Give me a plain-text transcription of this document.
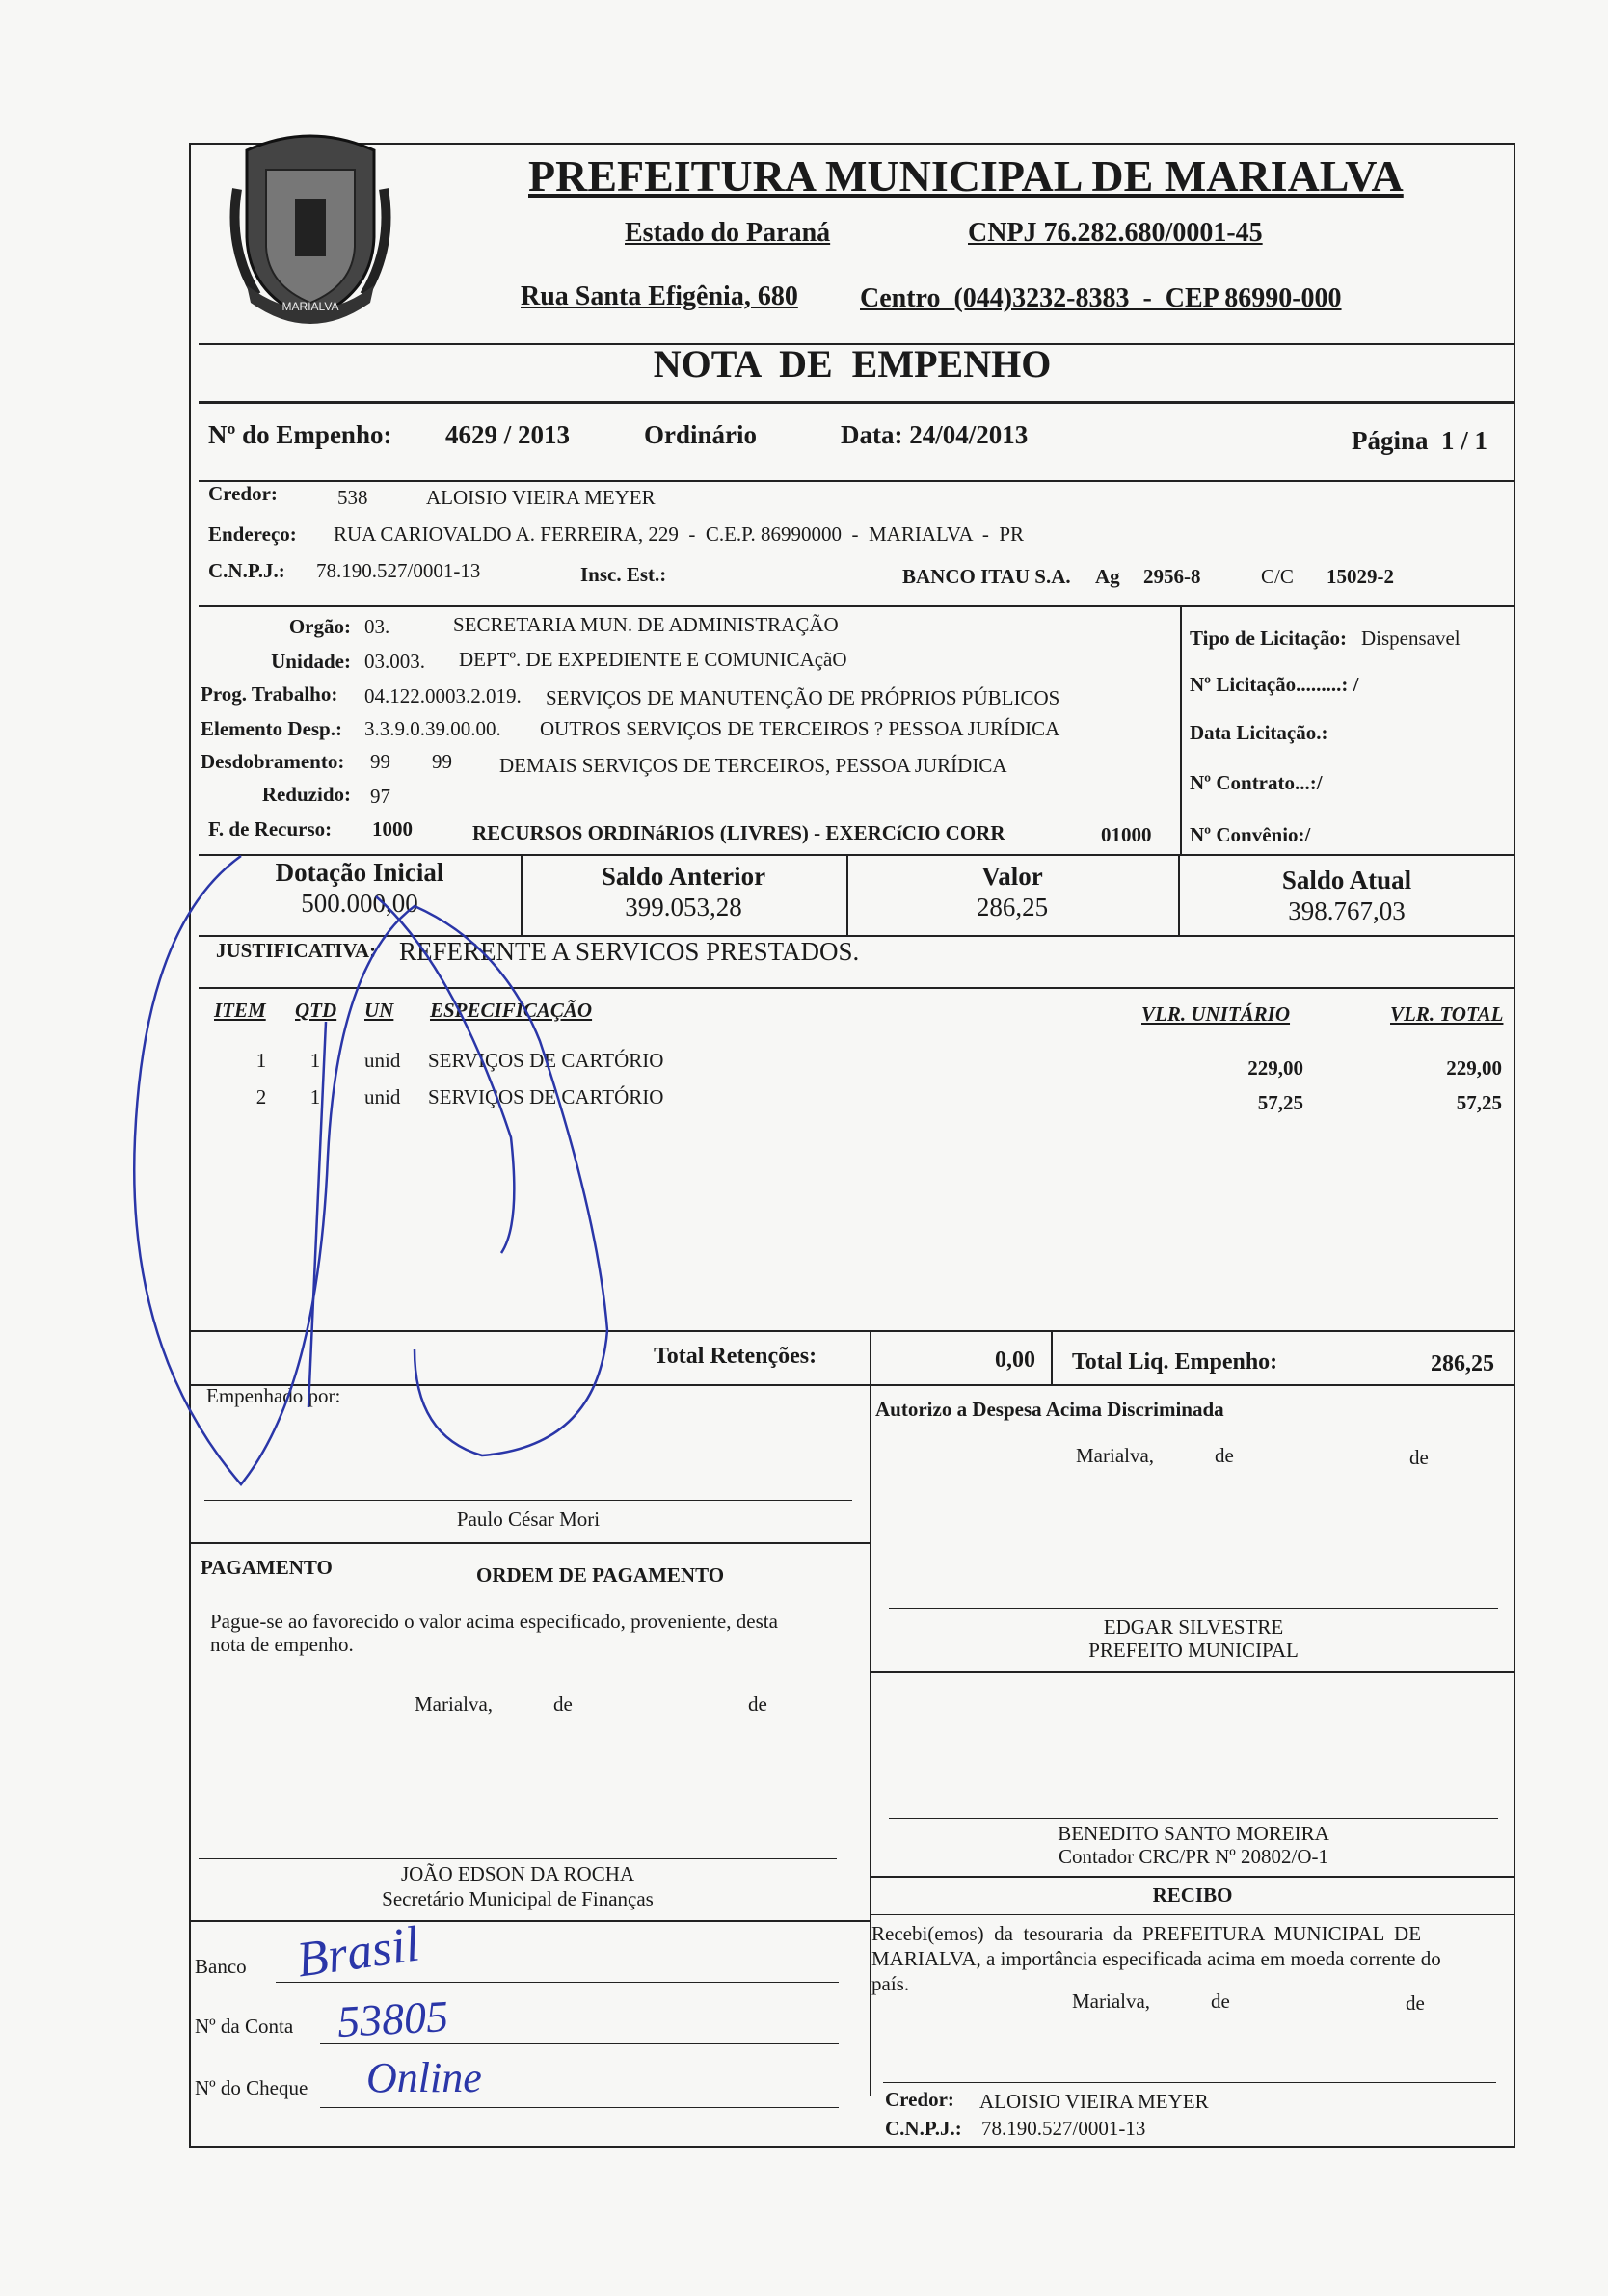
MARIALVA
PREFEITURA MUNICIPAL DE MARIALVA
Estado do Paraná	CNPJ 76.282.680/0001-45
Rua Santa Efigênia, 680 Centro  (044)3232-8383  -  CEP 86990-000
NOTA  DE  EMPENHO
Nº do Empenho: 4629 / 2013	Ordinário	Data: 24/04/2013	Página  1 / 1
Credor:	538	ALOISIO VIEIRA MEYER
Endereço: RUA CARIOVALDO A. FERREIRA, 229  -  C.E.P. 86990000  -  MARIALVA  -  PR
C.N.P.J.: 78.190.527/0001-13	Insc. Est.:	BANCO ITAU S.A. Ag 2956-8	C/C 15029-2
Orgão: 03.	SECRETARIA MUN. DE ADMINISTRAÇÃO
Unidade: 03.003. DEPTº. DE EXPEDIENTE E COMUNICAçãO
Prog. Trabalho: 04.122.0003.2.019. SERVIÇOS DE MANUTENÇÃO DE PRÓPRIOS PÚBLICOS
Elemento Desp.: 3.3.9.0.39.00.00. OUTROS SERVIÇOS DE TERCEIROS ? PESSOA JURÍDICA
Desdobramento: 99 99 DEMAIS SERVIÇOS DE TERCEIROS, PESSOA JURÍDICA
Reduzido: 97
F. de Recurso: 1000	RECURSOS ORDINáRIOS (LIVRES) - EXERCíCIO CORR	01000
Tipo de Licitação: Dispensavel
Nº Licitação.........: /
Data Licitação.:
Nº Contrato...:/
Nº Convênio:/
Dotação Inicial
500.000,00
Saldo Anterior
399.053,28
Valor
286,25
Saldo Atual
398.767,03
JUSTIFICATIVA: REFERENTE A SERVICOS PRESTADOS.
ITEM QTD UN ESPECIFICAÇÃO	VLR. UNITÁRIO	VLR. TOTAL
1	1	unid SERVIÇOS DE CARTÓRIO	229,00	229,00
2	1	unid SERVIÇOS DE CARTÓRIO	57,25	57,25
Total Retenções:	0,00 Total Liq. Empenho:	286,25
Empenhado por:
Paulo César Mori
PAGAMENTO	ORDEM DE PAGAMENTO
Pague-se ao favorecido o valor acima especificado, proveniente, desta
nota de empenho.
Marialva,	de	de
JOÃO EDSON DA ROCHA
Secretário Municipal de Finanças
Banco Brasil
Nº da Conta 53805
Nº do Cheque Online
Autorizo a Despesa Acima Discriminada
Marialva,	de	de
EDGAR SILVESTRE
PREFEITO MUNICIPAL
BENEDITO SANTO MOREIRA
Contador CRC/PR Nº 20802/O-1
RECIBO
Recebi(emos)  da  tesouraria  da  PREFEITURA  MUNICIPAL  DE
MARIALVA, a importância especificada acima em moeda corrente do
país.
Marialva,	de	de
Credor: ALOISIO VIEIRA MEYER
C.N.P.J.: 78.190.527/0001-13
